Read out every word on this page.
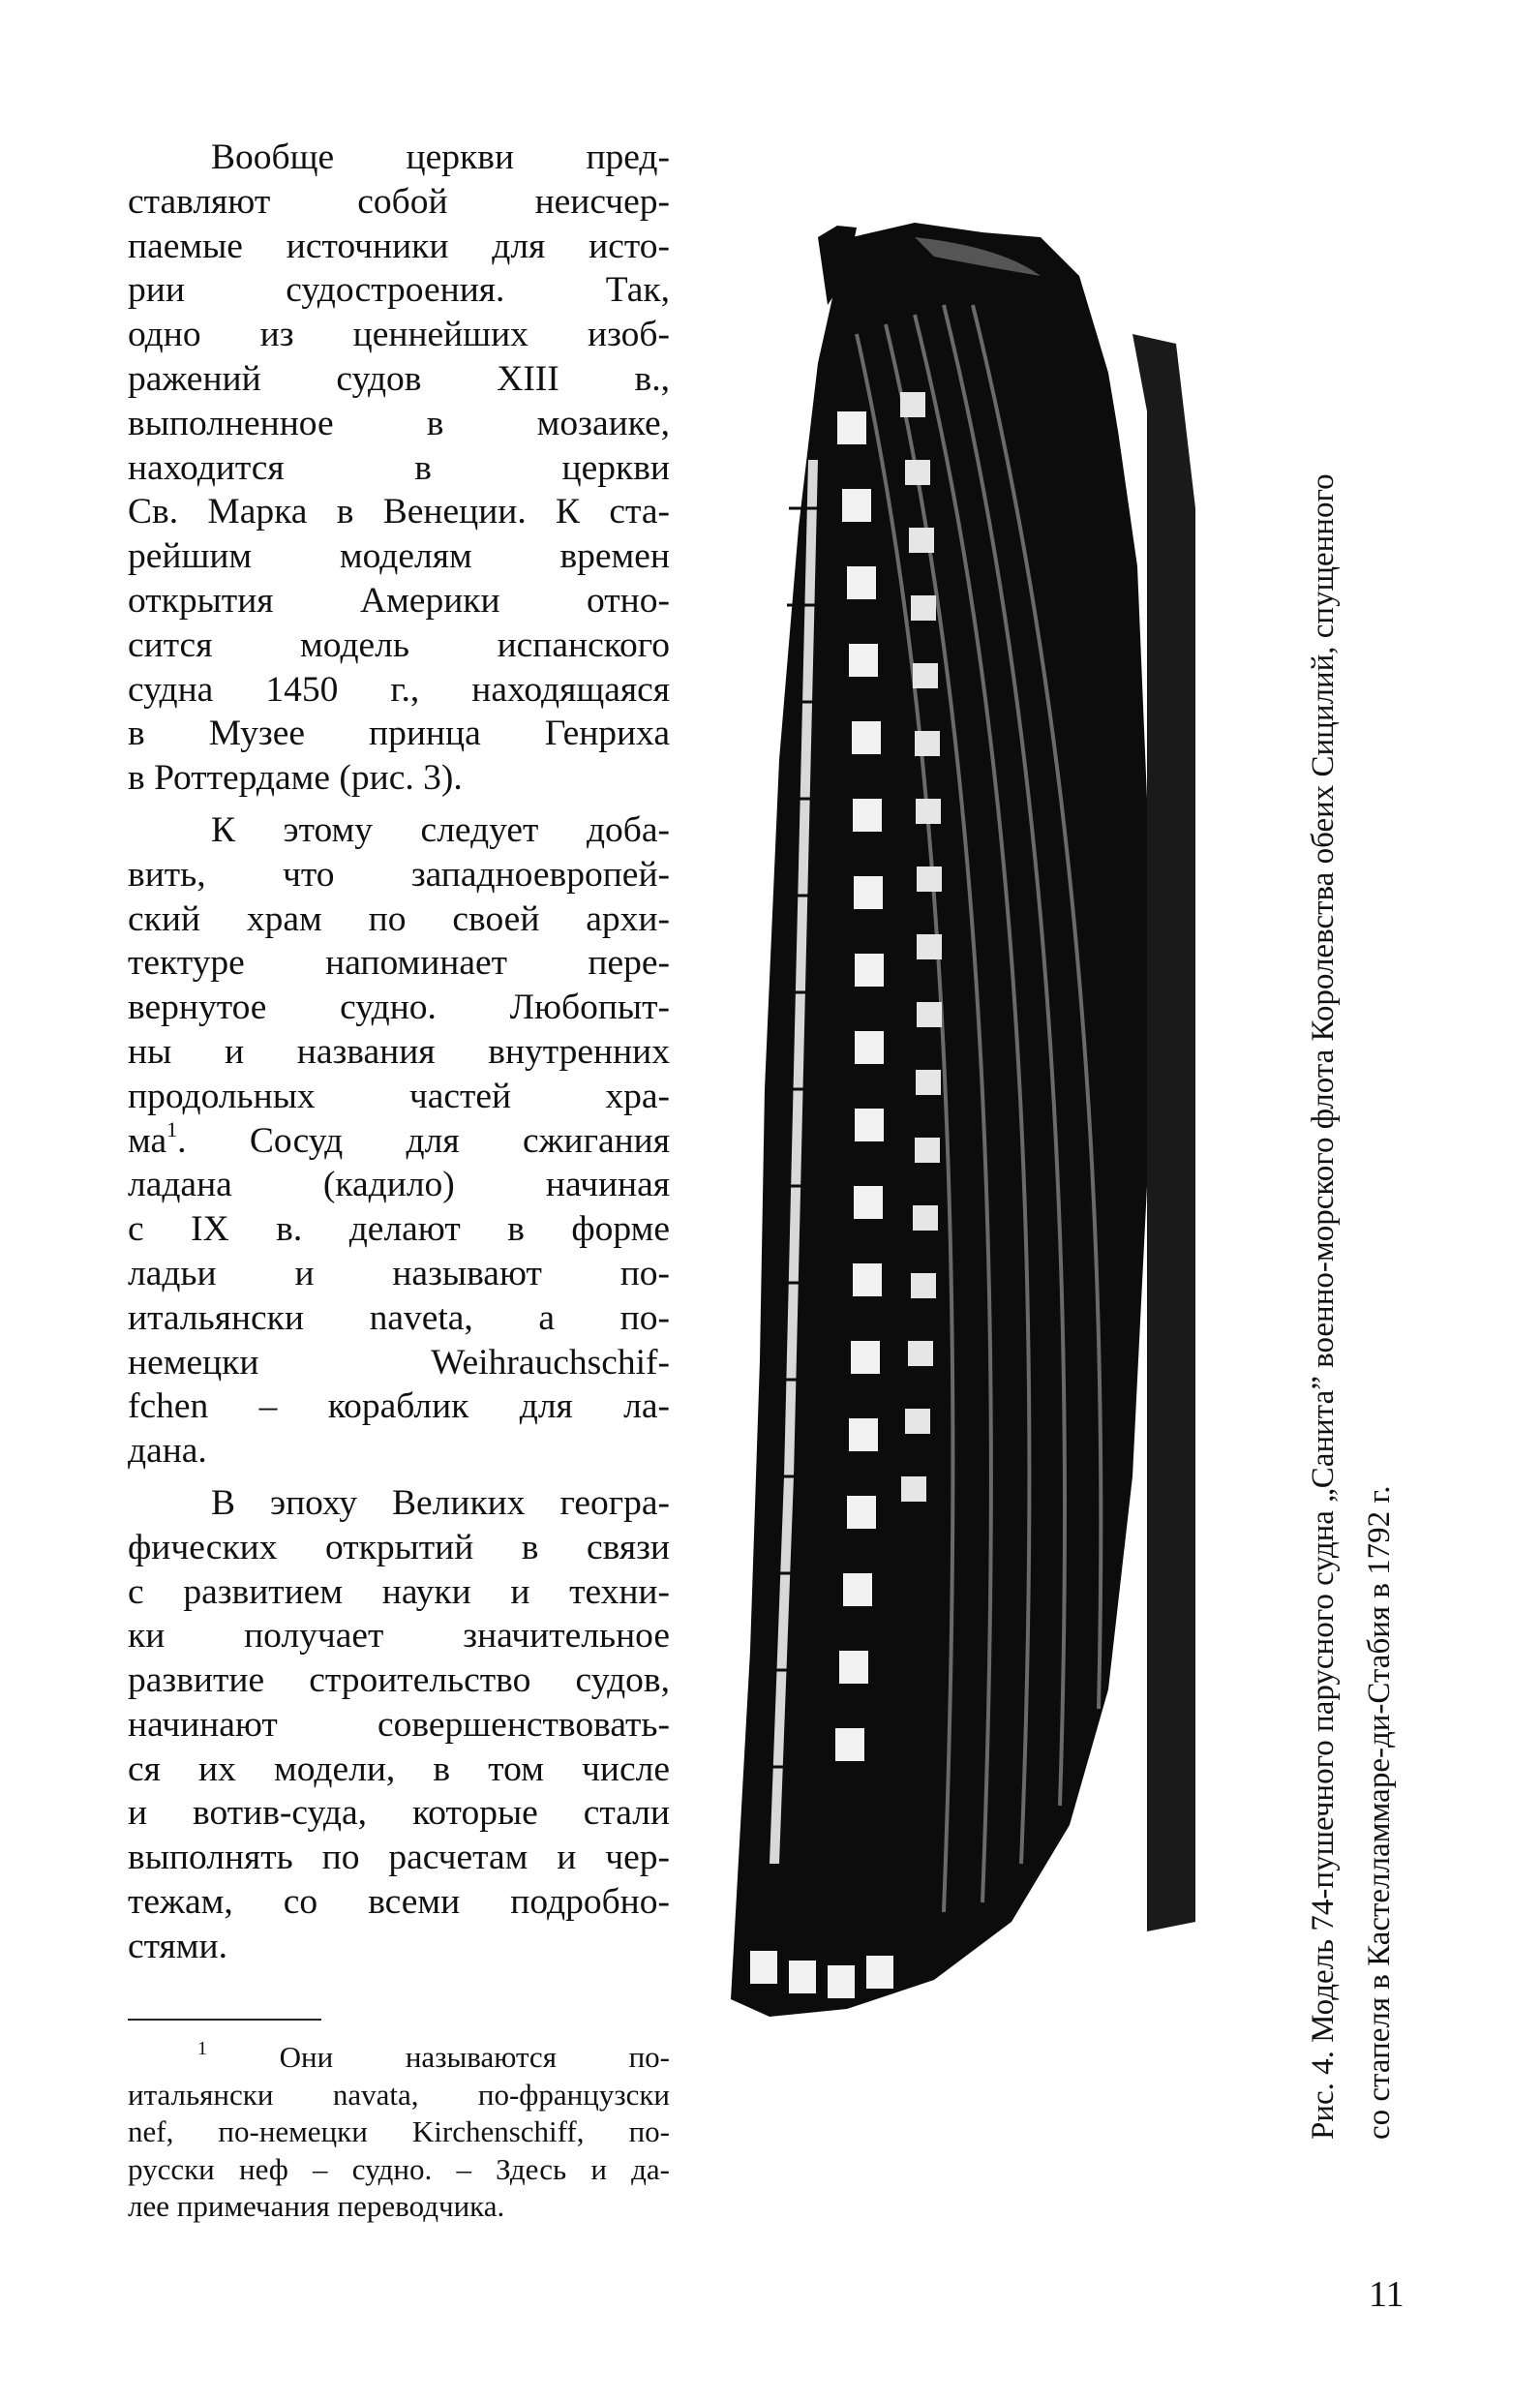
Вообще церкви пред-
ставляют собой неисчер-
паемые источники для исто-
рии судостроения. Так,
одно из ценнейших изоб-
ражений судов XIII в.,
выполненное в мозаике,
находится в церкви
Св. Марка в Венеции. К ста-
рейшим моделям времен
открытия Америки отно-
сится модель испанского
судна 1450 г., находящаяся
в Музее принца Генриха
в Роттердаме (рис. 3).

К этому следует доба-
вить, что западноевропей-
ский храм по своей архи-
тектуре напоминает пере-
вернутое судно. Любопыт-
ны и названия внутренних
продольных частей хра-
$ма^1$. Сосуд для сжигания
ладана (кадило) начиная
с IX в. делают в форме
ладьи и называют по-
итальянски naveta, а по-
немецки Weihrauchschif-
fchen – кораблик для ла-
дана.

В эпоху Великих геогра-
фических открытий в связи
с развитием науки и техни-
ки получает значительное
развитие строительство судов,
начинают совершенствовать-
ся их модели, в том числе
и вотив-суда, которые стали
выполнять по расчетам и чер-
тежам, со всеми подробно-
стями.

$^1$ Они называются по-
итальянски navata, по-французски
nef, по-немецки Kirchenschiff, по-
русски неф – судно. – Здесь и да-
лее примечания переводчика.
Рис. 4. Модель 74-пушечного парусного судна „Санита” военно-морского флота Королевства обеих Сицилий, спущенного со стапеля в Кастелламмаре-ди-Стабия в 1792 г.
11
